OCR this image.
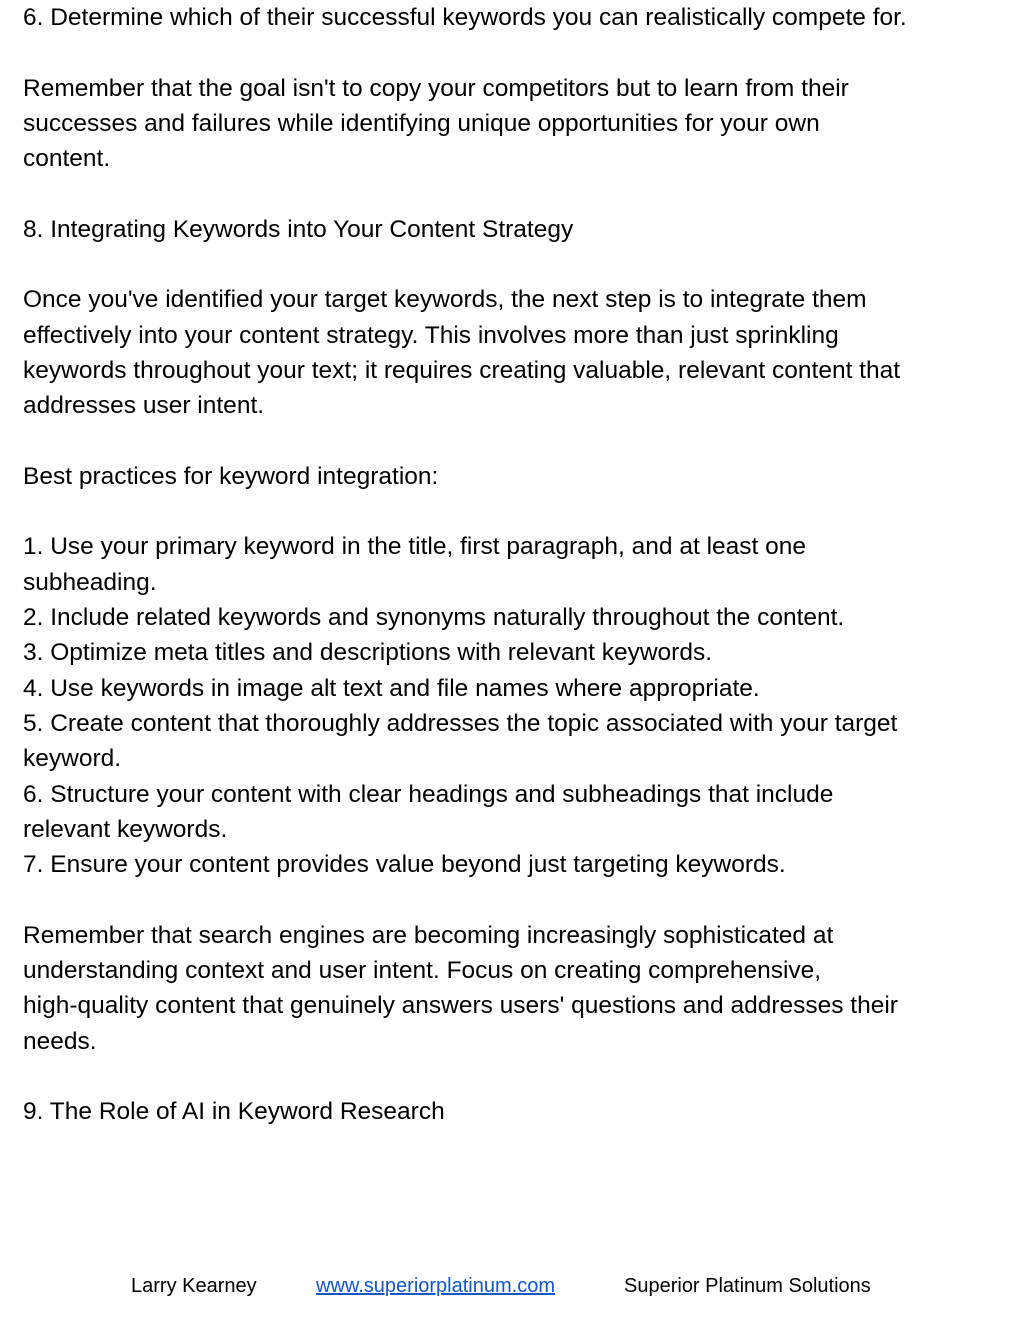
6. Determine which of their successful keywords you can realistically compete for.
Remember that the goal isn't to copy your competitors but to learn from their
successes and failures while identifying unique opportunities for your own
content.
8. Integrating Keywords into Your Content Strategy
Once you've identified your target keywords, the next step is to integrate them
effectively into your content strategy. This involves more than just sprinkling
keywords throughout your text; it requires creating valuable, relevant content that
addresses user intent.
Best practices for keyword integration:
1. Use your primary keyword in the title, first paragraph, and at least one
subheading.
2. Include related keywords and synonyms naturally throughout the content.
3. Optimize meta titles and descriptions with relevant keywords.
4. Use keywords in image alt text and file names where appropriate.
5. Create content that thoroughly addresses the topic associated with your target
keyword.
6. Structure your content with clear headings and subheadings that include
relevant keywords.
7. Ensure your content provides value beyond just targeting keywords.
Remember that search engines are becoming increasingly sophisticated at
understanding context and user intent. Focus on creating comprehensive,
high-quality content that genuinely answers users' questions and addresses their
needs.
9. The Role of AI in Keyword Research
Larry Kearney	www.superiorplatinum.com	Superior Platinum Solutions
